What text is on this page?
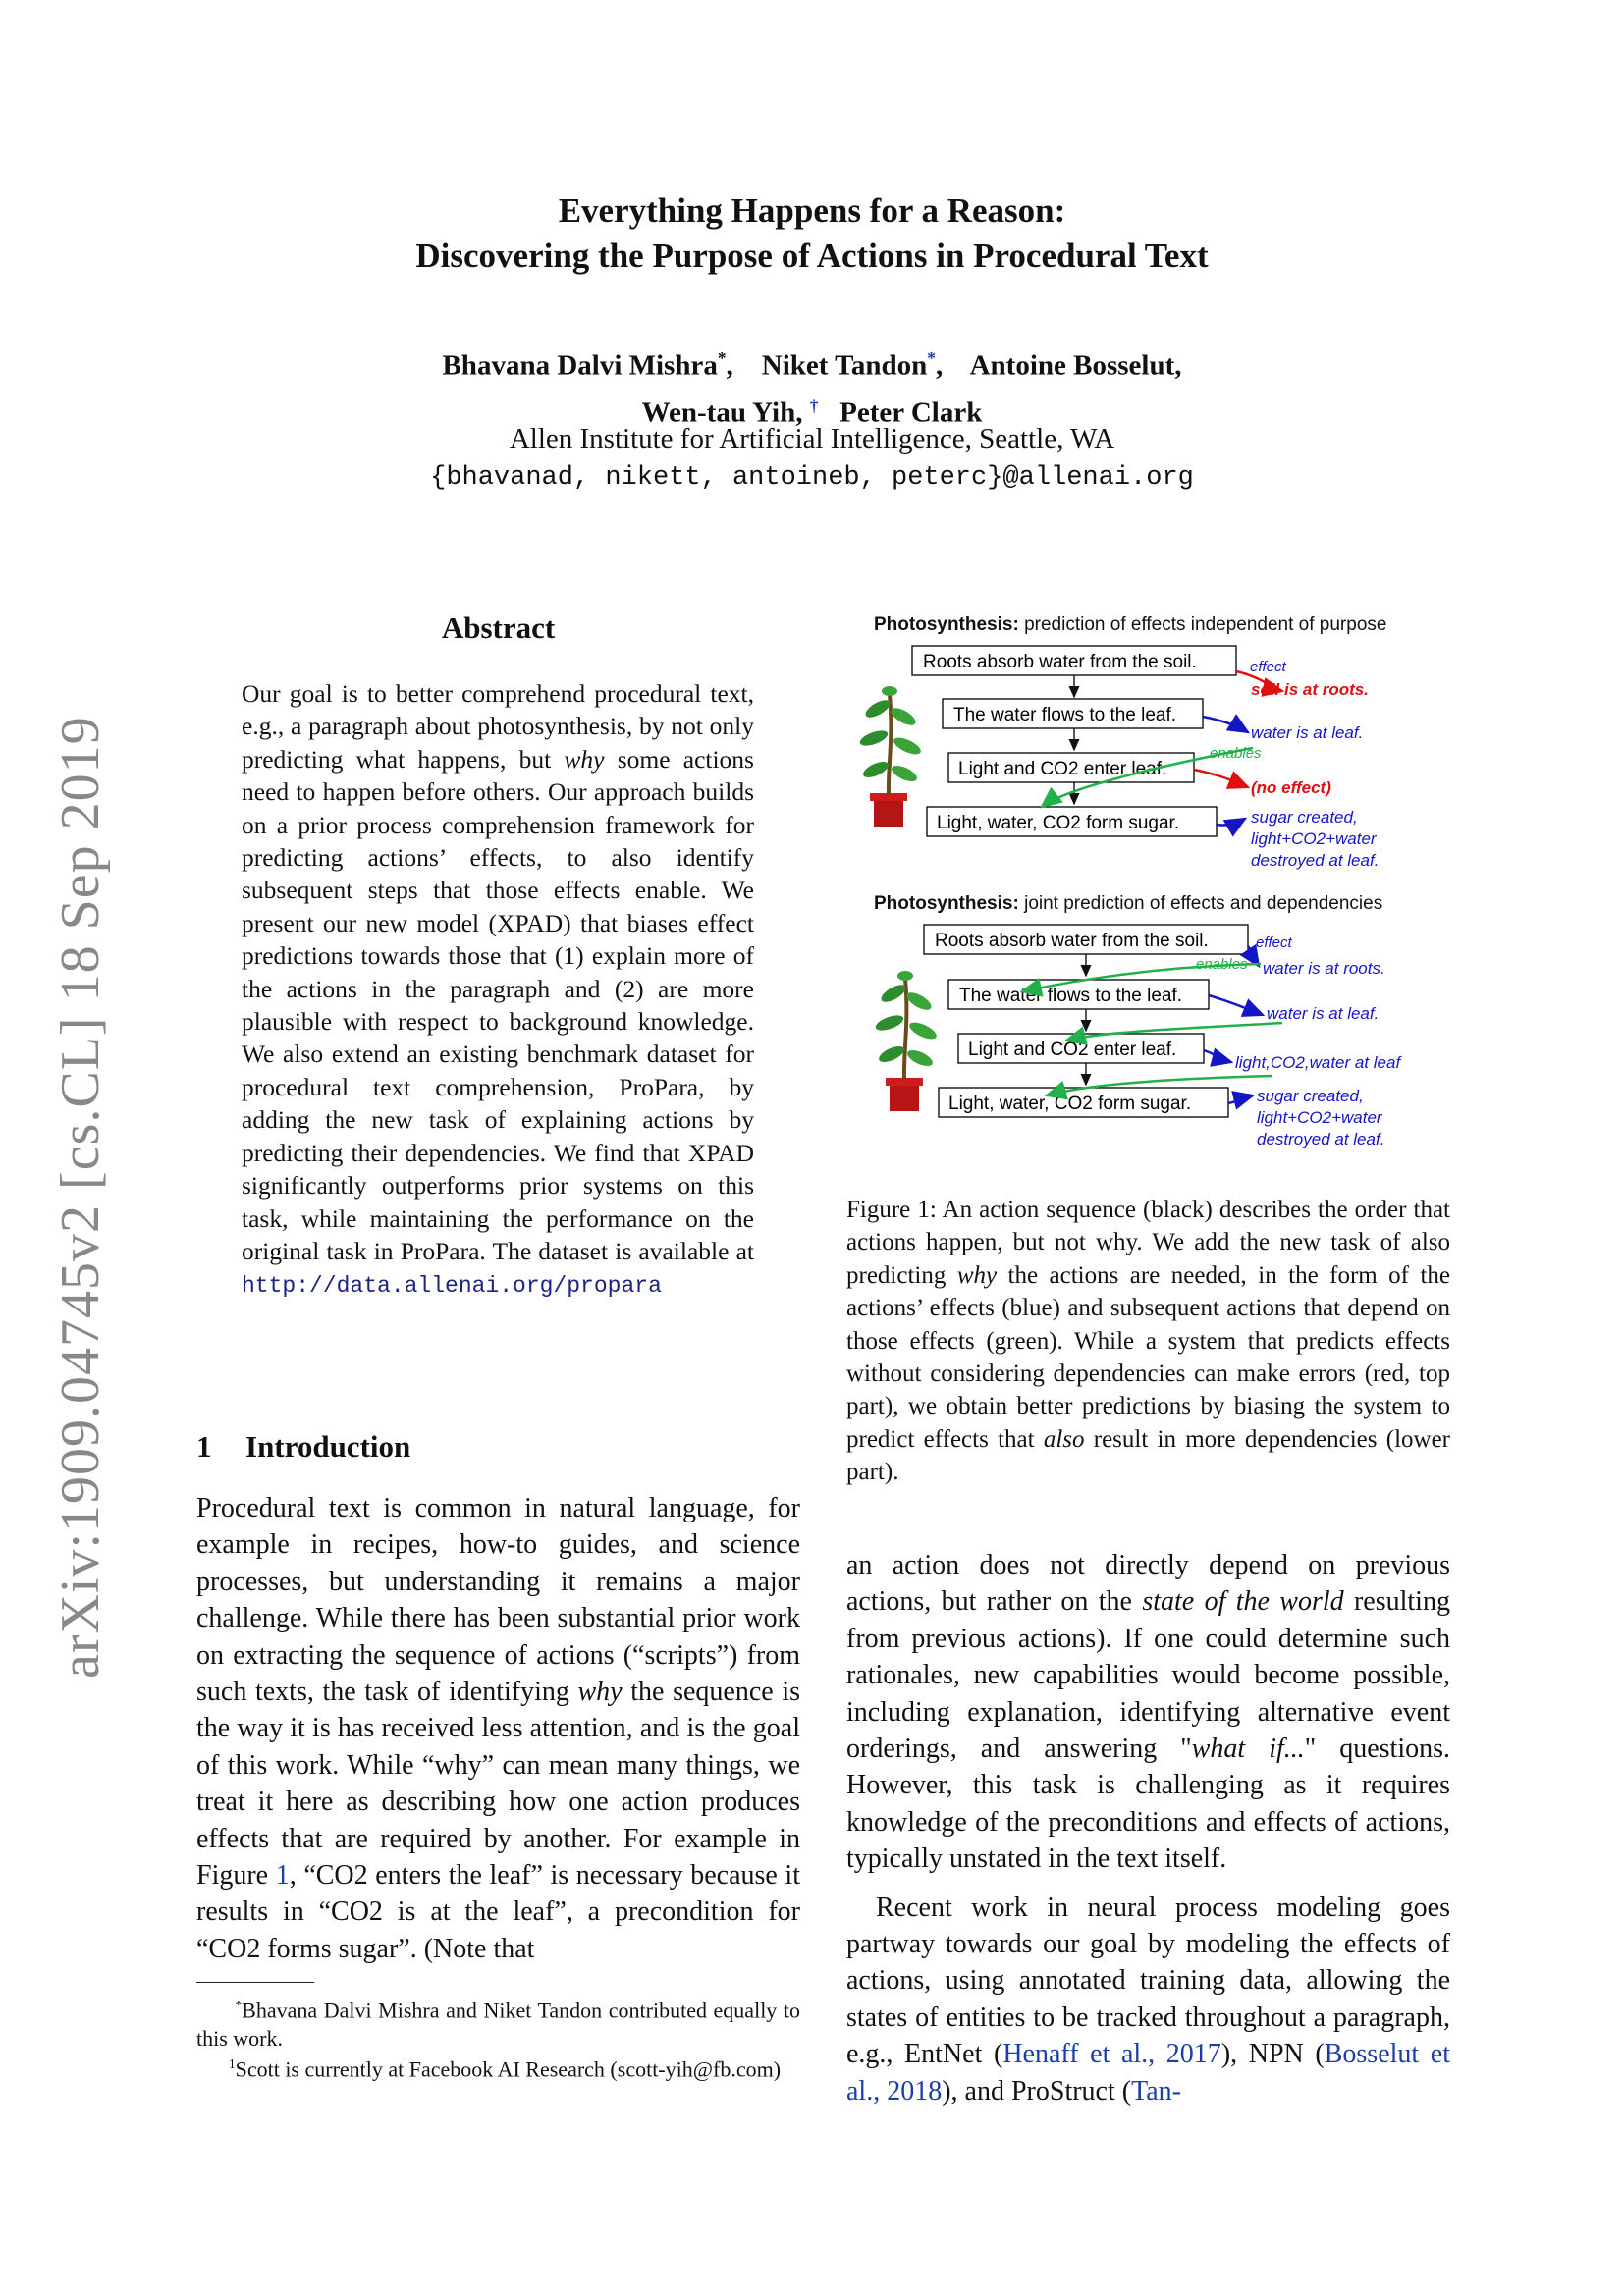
Everything Happens for a Reason:
Discovering the Purpose of Actions in Procedural Text
Bhavana Dalvi Mishra*,    Niket Tandon*,    Antoine Bosselut,
Wen-tau Yih, † Peter Clark
Allen Institute for Artificial Intelligence, Seattle, WA
{bhavanad, nikett, antoineb, peterc}@allenai.org
arXiv:1909.04745v2 [cs.CL] 18 Sep 2019
Abstract
Our goal is to better comprehend procedural text, e.g., a paragraph about photosynthesis, by not only predicting what happens, but why some actions need to happen before others. Our approach builds on a prior process comprehension framework for predicting actions’ effects, to also identify subsequent steps that those effects enable. We present our new model (XPAD) that biases effect predictions towards those that (1) explain more of the actions in the paragraph and (2) are more plausible with respect to background knowledge. We also extend an existing benchmark dataset for procedural text comprehension, ProPara, by adding the new task of explaining actions by predicting their dependencies. We find that XPAD significantly outperforms prior systems on this task, while maintaining the performance on the original task in ProPara. The dataset is available at http://data.allenai.org/propara
1 Introduction
Procedural text is common in natural language, for example in recipes, how-to guides, and science processes, but understanding it remains a major challenge. While there has been substantial prior work on extracting the sequence of actions (“scripts”) from such texts, the task of identifying why the sequence is the way it is has received less attention, and is the goal of this work. While “why” can mean many things, we treat it here as describing how one action produces effects that are required by another. For example in Figure 1, “CO2 enters the leaf” is necessary because it results in “CO2 is at the leaf”, a precondition for “CO2 forms sugar”. (Note that
*Bhavana Dalvi Mishra and Niket Tandon contributed equally to this work.
$^1$Scott is currently at Facebook AI Research (scott-yih@fb.com)
Photosynthesis: prediction of effects independent of purpose
Roots absorb water from the soil.
The water flows to the leaf.
Light and CO2 enter leaf.
Light, water, CO2 form sugar.
effect
soil is at roots.
water is at leaf.
enables
(no effect)
sugar created,
light+CO2+water
destroyed at leaf.
Photosynthesis: joint prediction of effects and dependencies
Roots absorb water from the soil.
The water flows to the leaf.
Light and CO2 enter leaf.
Light, water, CO2 form sugar.
effect
water is at roots.
enables
water is at leaf.
light,CO2,water at leaf
sugar created,
light+CO2+water
destroyed at leaf.
Figure 1: An action sequence (black) describes the order that actions happen, but not why. We add the new task of also predicting why the actions are needed, in the form of the actions’ effects (blue) and subsequent actions that depend on those effects (green). While a system that predicts effects without considering dependencies can make errors (red, top part), we obtain better predictions by biasing the system to predict effects that also result in more dependencies (lower part).

an action does not directly depend on previous actions, but rather on the state of the world resulting from previous actions). If one could determine such rationales, new capabilities would become possible, including explanation, identifying alternative event orderings, and answering "what if..." questions. However, this task is challenging as it requires knowledge of the preconditions and effects of actions, typically unstated in the text itself.

Recent work in neural process modeling goes partway towards our goal by modeling the effects of actions, using annotated training data, allowing the states of entities to be tracked throughout a paragraph, e.g., EntNet (Henaff et al., 2017), NPN (Bosselut et al., 2018), and ProStruct (Tan-
